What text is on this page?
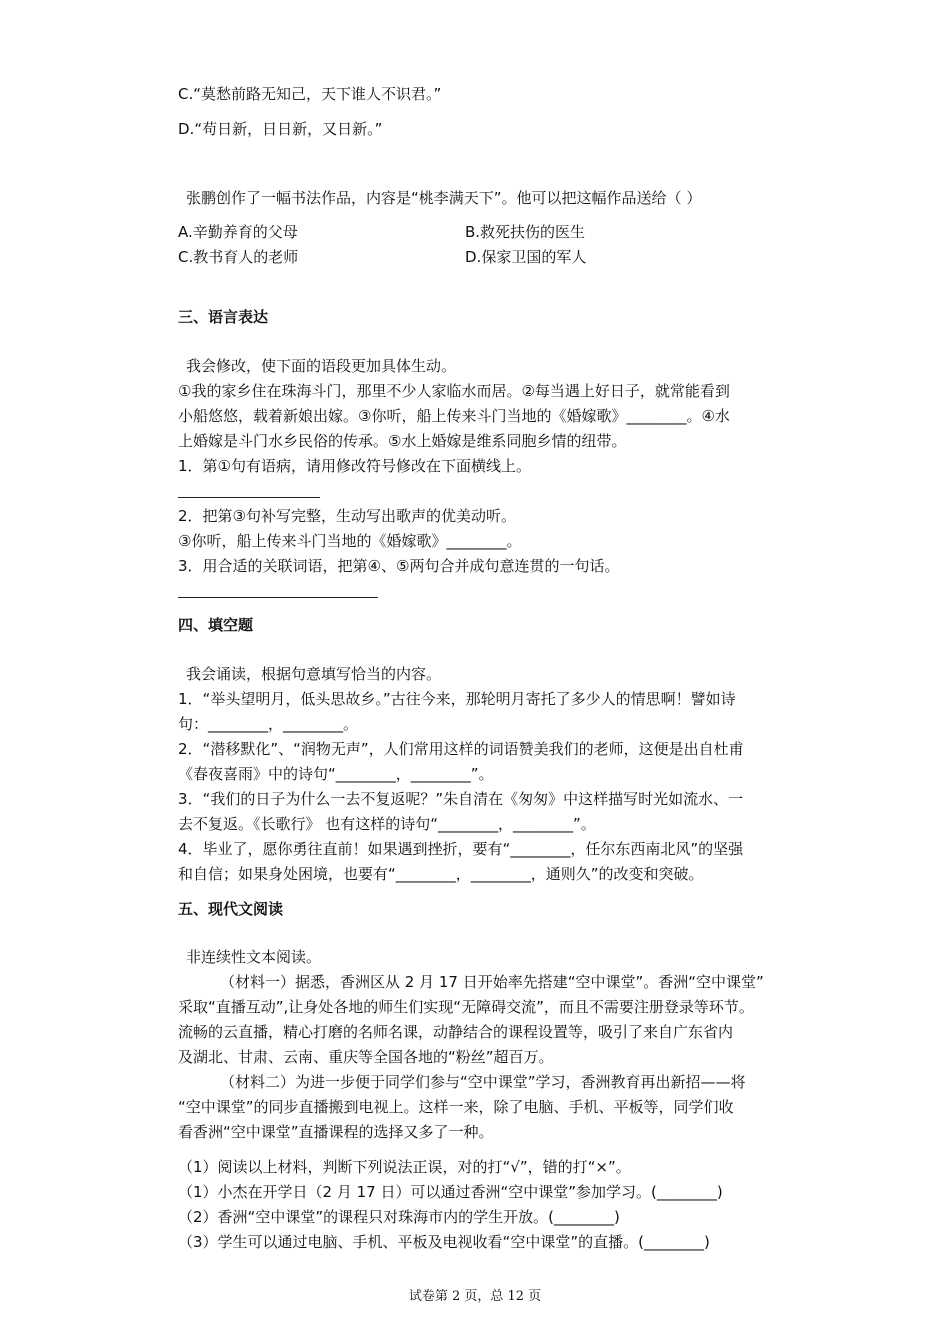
C.“莫愁前路无知己，天下谁人不识君。”

D.“苟日新，日日新，又日新。”

张鹏创作了一幅书法作品，内容是“桃李满天下”。他可以把这幅作品送给（ ）

A.辛勤养育的父母	B.救死扶伤的医生

C.教书育人的老师	D.保家卫国的军人

三、语言表达

我会修改，使下面的语段更加具体生动。

①我的家乡住在珠海斗门，那里不少人家临水而居。②每当遇上好日子，就常能看到

小船悠悠，载着新娘出嫁。③你听，船上传来斗门当地的《婚嫁歌》________。④水

上婚嫁是斗门水乡民俗的传承。⑤水上婚嫁是维系同胞乡情的纽带。

1．第①句有语病，请用修改符号修改在下面横线上。

2．把第③句补写完整，生动写出歌声的优美动听。

③你听，船上传来斗门当地的《婚嫁歌》________。

3．用合适的关联词语，把第④、⑤两句合并成句意连贯的一句话。

四、填空题

我会诵读，根据句意填写恰当的内容。

1．“举头望明月，低头思故乡。”古往今来，那轮明月寄托了多少人的情思啊！譬如诗

句：________，________。

2．“潜移默化”、“润物无声”，人们常用这样的词语赞美我们的老师，这便是出自杜甫

《春夜喜雨》中的诗句“________，________”。

3．“我们的日子为什么一去不复返呢？”朱自清在《匆匆》中这样描写时光如流水、一

去不复返。《长歌行》 也有这样的诗句“________，________”。

4．毕业了，愿你勇往直前！如果遇到挫折，要有“________，任尔东西南北风”的坚强

和自信；如果身处困境，也要有“________，________，通则久”的改变和突破。

五、现代文阅读

非连续性文本阅读。

（材料一）据悉，香洲区从 2 月 17 日开始率先搭建“空中课堂”。香洲“空中课堂”

采取“直播互动”,让身处各地的师生们实现“无障碍交流”，而且不需要注册登录等环节。

流畅的云直播，精心打磨的名师名课，动静结合的课程设置等，吸引了来自广东省内

及湖北、甘肃、云南、重庆等全国各地的“粉丝”超百万。

（材料二）为进一步便于同学们参与“空中课堂”学习，香洲教育再出新招——将

“空中课堂”的同步直播搬到电视上。这样一来，除了电脑、手机、平板等，同学们收

看香洲“空中课堂”直播课程的选择又多了一种。

（1）阅读以上材料，判断下列说法正误，对的打“√”，错的打“×”。

（1）小杰在开学日（2 月 17 日）可以通过香洲“空中课堂”参加学习。(________)

（2）香洲“空中课堂”的课程只对珠海市内的学生开放。(________)

（3）学生可以通过电脑、手机、平板及电视收看“空中课堂”的直播。(________)

试卷第 2 页，总 12 页
